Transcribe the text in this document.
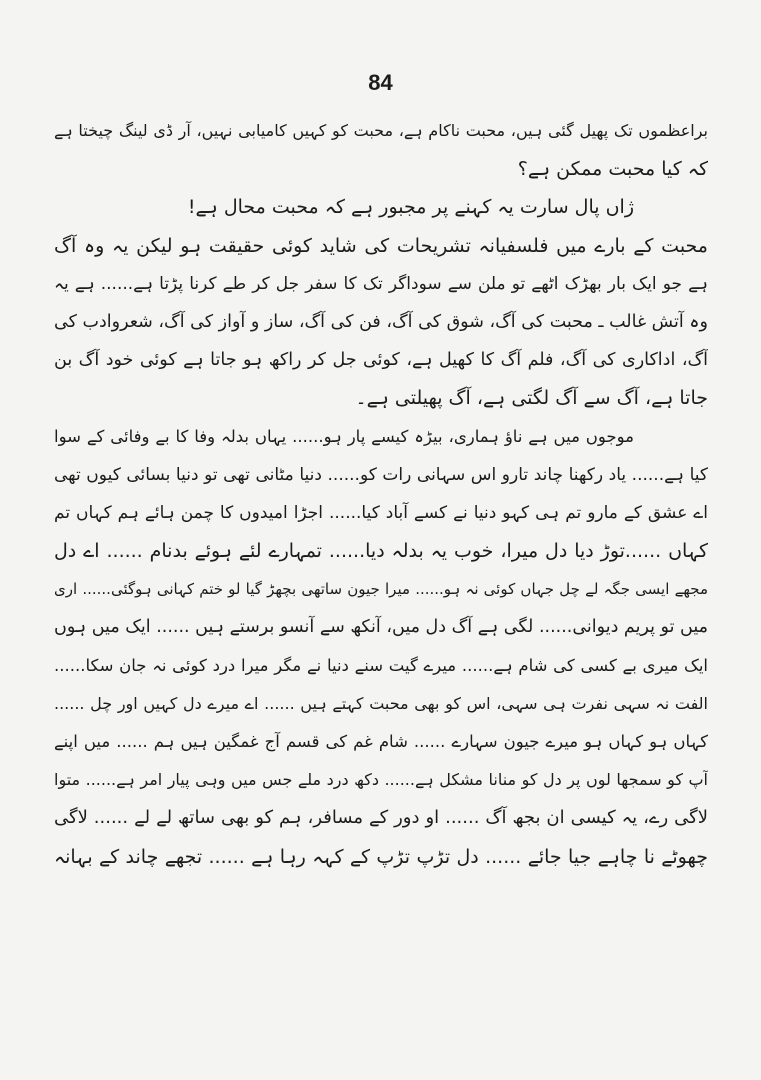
84
براعظموں تک پھیل گئی ہیں، محبت ناکام ہے، محبت کو کہیں کامیابی نہیں، آر ڈی لینگ چیختا ہے
کہ کیا محبت ممکن ہے؟
ژاں پال سارت یہ کہنے پر مجبور ہے کہ محبت محال ہے!
محبت کے بارے میں فلسفیانہ تشریحات کی شاید کوئی حقیقت ہو لیکن یہ وہ آگ
ہے جو ایک بار بھڑک اٹھے تو ملن سے سوداگر تک کا سفر جل کر طے کرنا پڑتا ہے...... ہے یہ
وہ آتش غالب ـ محبت کی آگ، شوق کی آگ، فن کی آگ، ساز و آواز کی آگ، شعروادب کی
آگ، اداکاری کی آگ، فلم آگ کا کھیل ہے، کوئی جل کر راکھ ہو جاتا ہے کوئی خود آگ بن
جاتا ہے، آگ سے آگ لگتی ہے، آگ پھیلتی ہے۔
موجوں میں ہے ناؤ ہماری، بیڑہ کیسے پار ہو...... یہاں بدلہ وفا کا بے وفائی کے سوا
کیا ہے...... یاد رکھنا چاند تارو اس سہانی رات کو...... دنیا مٹانی تھی تو دنیا بسائی کیوں تھی
اے عشق کے مارو تم ہی کہو دنیا نے کسے آباد کیا...... اجڑا امیدوں کا چمن ہائے ہم کہاں تم
کہاں ......توڑ دیا دل میرا، خوب یہ بدلہ دیا...... تمہارے لئے ہوئے بدنام ...... اے دل
مجھے ایسی جگہ لے چل جہاں کوئی نہ ہو...... میرا جیون ساتھی بچھڑ گیا لو ختم کہانی ہوگئی...... اری
میں تو پریم دیوانی...... لگی ہے آگ دل میں، آنکھ سے آنسو برستے ہیں ...... ایک میں ہوں
ایک میری بے کسی کی شام ہے...... میرے گیت سنے دنیا نے مگر میرا درد کوئی نہ جان سکا......
الفت نہ سہی نفرت ہی سہی، اس کو بھی محبت کہتے ہیں ...... اے میرے دل کہیں اور چل ......
کہاں ہو کہاں ہو میرے جیون سہارے ...... شام غم کی قسم آج غمگین ہیں ہم ...... میں اپنے
آپ کو سمجھا لوں پر دل کو منانا مشکل ہے...... دکھ درد ملے جس میں وہی پیار امر ہے...... متوا
لاگی رے، یہ کیسی ان بجھ آگ ...... او دور کے مسافر، ہم کو بھی ساتھ لے لے ...... لاگی
چھوٹے نا چاہے جیا جائے ...... دل تڑپ تڑپ کے کہہ رہا ہے ...... تجھے چاند کے بہانہ
